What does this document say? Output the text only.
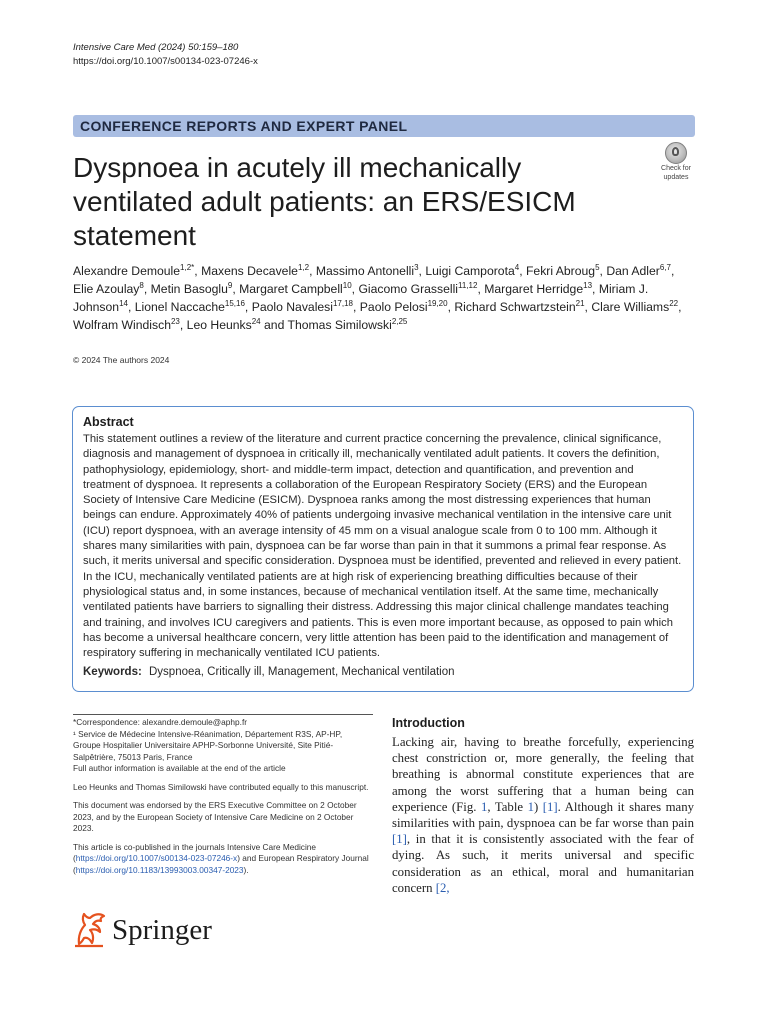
Intensive Care Med (2024) 50:159–180
https://doi.org/10.1007/s00134-023-07246-x
CONFERENCE REPORTS AND EXPERT PANEL
Dyspnoea in acutely ill mechanically ventilated adult patients: an ERS/ESICM statement
Check for
updates
Alexandre Demoule$^{1,2*}$, Maxens Decavele$^{1,2}$, Massimo Antonelli$^3$, Luigi Camporota$^4$, Fekri Abroug$^5$, Dan Adler$^{6,7}$, Elie Azoulay$^8$, Metin Basoglu$^9$, Margaret Campbell$^{10}$, Giacomo Grasselli$^{11,12}$, Margaret Herridge$^{13}$, Miriam J. Johnson$^{14}$, Lionel Naccache$^{15,16}$, Paolo Navalesi$^{17,18}$, Paolo Pelosi$^{19,20}$, Richard Schwartzstein$^{21}$, Clare Williams$^{22}$, Wolfram Windisch$^{23}$, Leo Heunks$^{24}$ and Thomas Similowski$^{2,25}$
© 2024 The authors 2024
Abstract
This statement outlines a review of the literature and current practice concerning the prevalence, clinical significance, diagnosis and management of dyspnoea in critically ill, mechanically ventilated adult patients. It covers the definition, pathophysiology, epidemiology, short- and middle-term impact, detection and quantification, and prevention and treatment of dyspnoea. It represents a collaboration of the European Respiratory Society (ERS) and the European Society of Intensive Care Medicine (ESICM). Dyspnoea ranks among the most distressing experiences that human beings can endure. Approximately 40% of patients undergoing invasive mechanical ventilation in the intensive care unit (ICU) report dyspnoea, with an average intensity of 45 mm on a visual analogue scale from 0 to 100 mm. Although it shares many similarities with pain, dyspnoea can be far worse than pain in that it summons a primal fear response. As such, it merits universal and specific consideration. Dyspnoea must be identified, prevented and relieved in every patient. In the ICU, mechanically ventilated patients are at high risk of experiencing breathing difficulties because of their physiological status and, in some instances, because of mechanical ventilation itself. At the same time, mechanically ventilated patients have barriers to signalling their distress. Addressing this major clinical challenge mandates teaching and training, and involves ICU caregivers and patients. This is even more important because, as opposed to pain which has become a universal healthcare concern, very little attention has been paid to the identification and management of respiratory suffering in mechanically ventilated ICU patients.
Keywords: Dyspnoea, Critically ill, Management, Mechanical ventilation

*Correspondence: alexandre.demoule@aphp.fr

¹ Service de Médecine Intensive-Réanimation, Département R3S, AP-HP, Groupe Hospitalier Universitaire APHP-Sorbonne Université, Site Pitié-Salpêtrière, 75013 Paris, France

Full author information is available at the end of the article

Leo Heunks and Thomas Similowski have contributed equally to this manuscript.

This document was endorsed by the ERS Executive Committee on 2 October 2023, and by the European Society of Intensive Care Medicine on 2 October 2023.

This article is co-published in the journals Intensive Care Medicine (https://doi.org/10.1007/s00134-023-07246-x) and European Respiratory Journal (https://doi.org/10.1183/13993003.00347-2023).

Springer
Introduction
Lacking air, having to breathe forcefully, experiencing chest constriction or, more generally, the feeling that breathing is abnormal constitute experiences that are among the worst suffering that a human being can experience (Fig. 1, Table 1) [1]. Although it shares many similarities with pain, dyspnoea can be far worse than pain [1], in that it is consistently associated with the fear of dying. As such, it merits universal and specific consideration as an ethical, moral and humanitarian concern [2,
